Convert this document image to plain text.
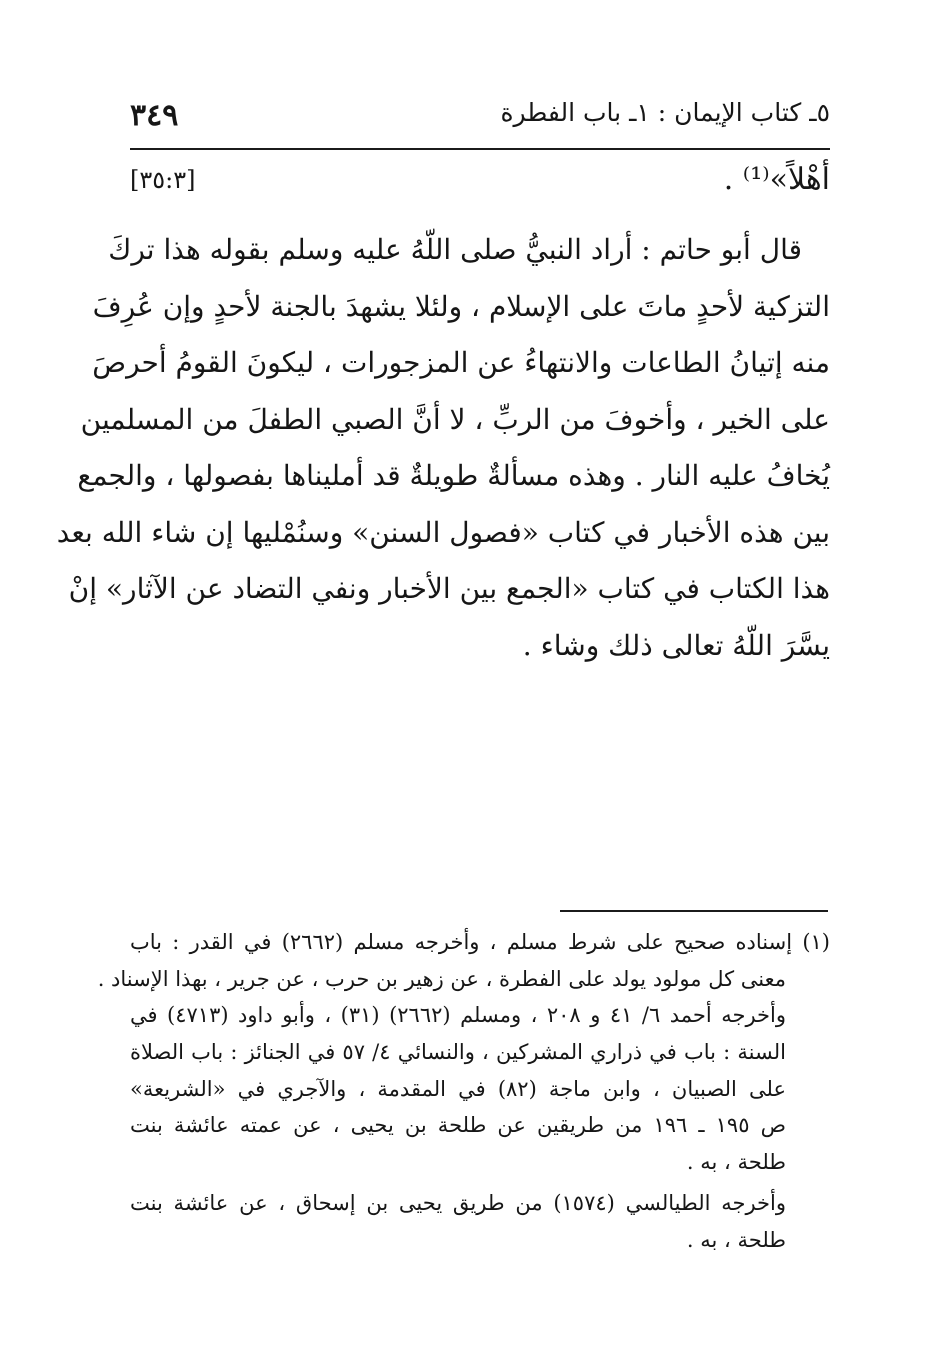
٣٤٩	٥ـ كتاب الإيمان : ١ـ باب الفطرة
[٣٥:٣]	أهْلاً»⁽¹⁾ .
قال أبو حاتم : أراد النبيُّ صلى اللّهُ عليه وسلم بقوله هذا تركَ
التزكية لأحدٍ ماتَ على الإسلام ، ولئلا يشهدَ بالجنة لأحدٍ وإن عُرِفَ
منه إتيانُ الطاعات والانتهاءُ عن المزجورات ، ليكونَ القومُ أحرصَ
على الخير ، وأخوفَ من الربِّ ، لا أنَّ الصبي الطفلَ من المسلمين
يُخافُ عليه النار . وهذه مسألةٌ طويلةٌ قد أمليناها بفصولها ، والجمع
بين هذه الأخبار في كتاب «فصول السنن» وسنُمْليها إن شاء الله بعد
هذا الكتاب في كتاب «الجمع بين الأخبار ونفي التضاد عن الآثار» إنْ
يسَّرَ اللّهُ تعالى ذلك وشاء .
(١) إسناده صحيح على شرط مسلم ، وأخرجه مسلم (٢٦٦٢) في القدر : باب
معنى كل مولود يولد على الفطرة ، عن زهير بن حرب ، عن جرير ، بهذا الإسناد .
وأخرجه أحمد ٦/ ٤١ و ٢٠٨ ، ومسلم (٢٦٦٢) (٣١) ، وأبو داود (٤٧١٣) في
السنة : باب في ذراري المشركين ، والنسائي ٤/ ٥٧ في الجنائز : باب الصلاة
على الصبيان ، وابن ماجة (٨٢) في المقدمة ، والآجري في «الشريعة»
ص ١٩٥ ـ ١٩٦ من طريقين عن طلحة بن يحيى ، عن عمته عائشة بنت
طلحة ، به .
وأخرجه الطيالسي (١٥٧٤) من طريق يحيى بن إسحاق ، عن عائشة بنت
طلحة ، به .
